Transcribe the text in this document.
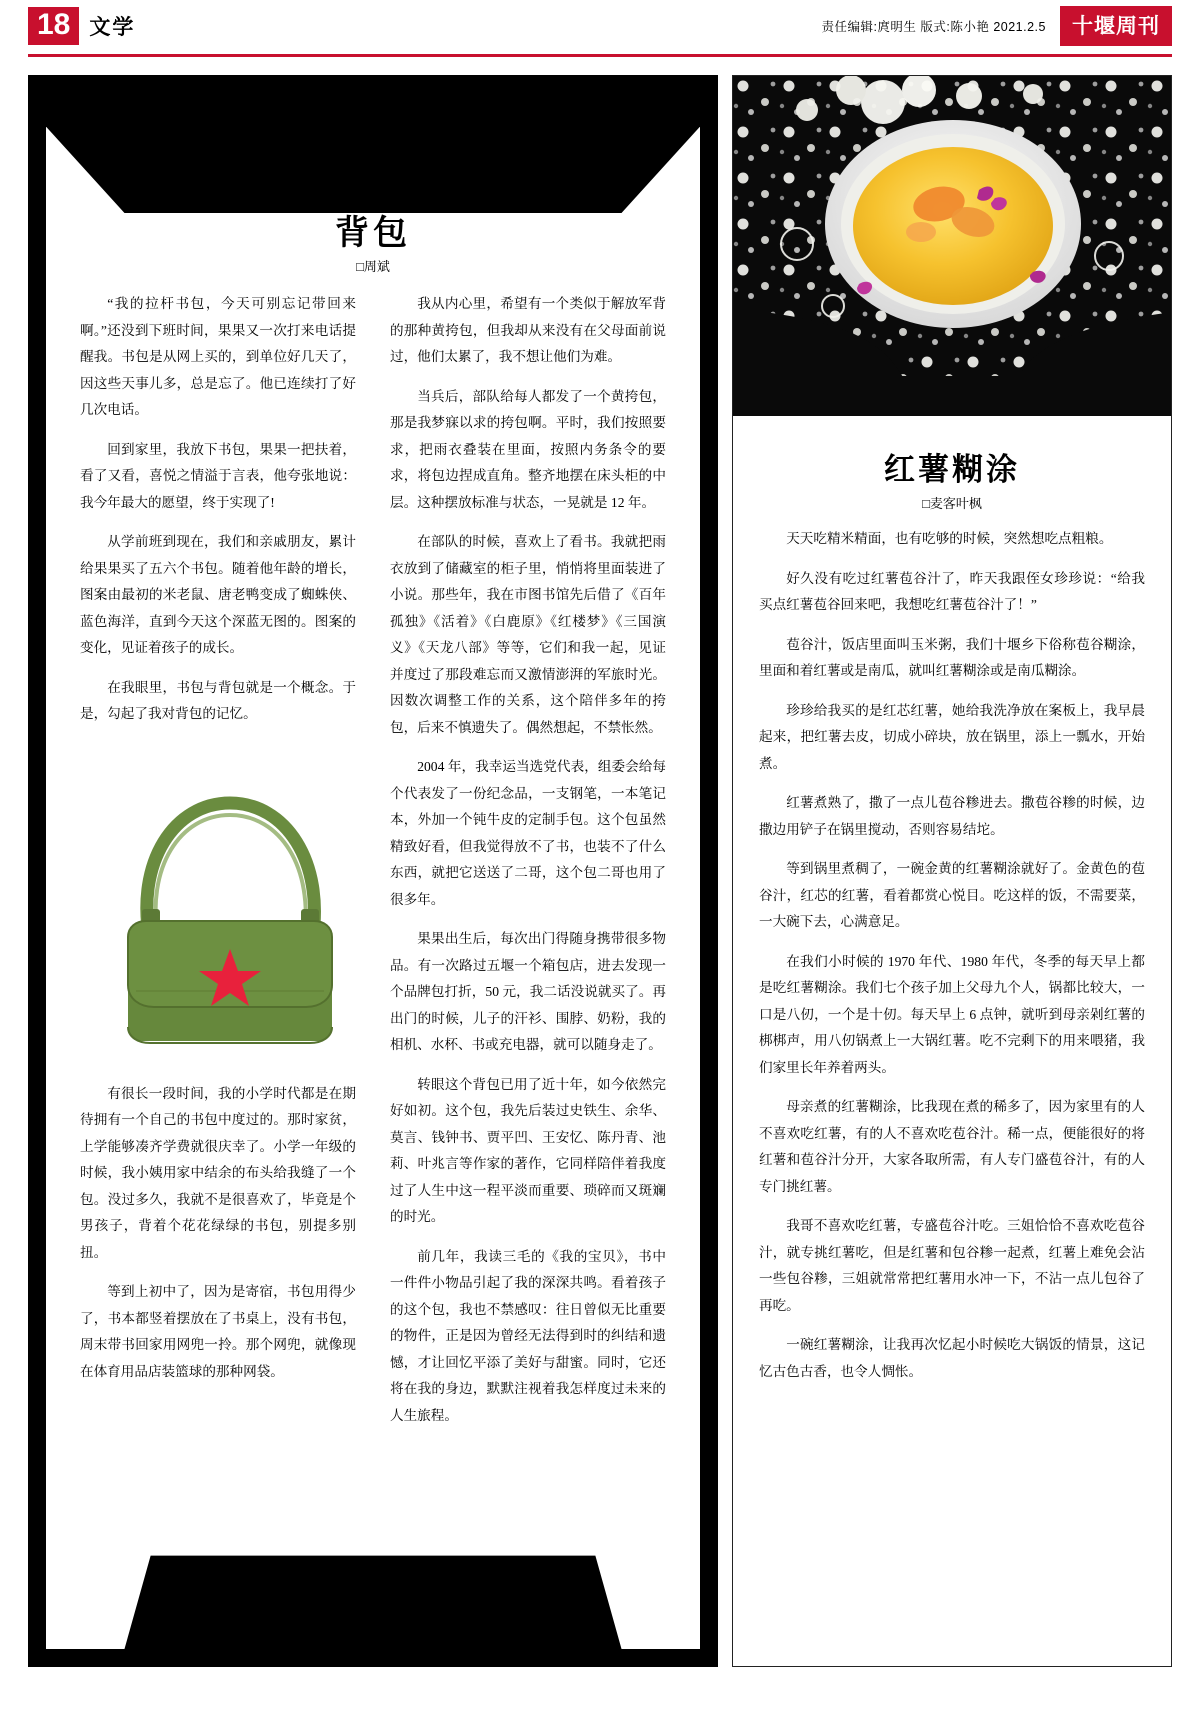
18 文学	责任编辑:庹明生 版式:陈小艳 2021.2.5	十堰周刊
背包
□周斌

“我的拉杆书包，今天可别忘记带回来啊。”还没到下班时间，果果又一次打来电话提醒我。书包是从网上买的，到单位好几天了，因这些天事儿多，总是忘了。他已连续打了好几次电话。

回到家里，我放下书包，果果一把扶着，看了又看，喜悦之情溢于言表，他夸张地说：我今年最大的愿望，终于实现了!

从学前班到现在，我们和亲戚朋友，累计给果果买了五六个书包。随着他年龄的增长，图案由最初的米老鼠、唐老鸭变成了蜘蛛侠、蓝色海洋，直到今天这个深蓝无图的。图案的变化，见证着孩子的成长。

在我眼里，书包与背包就是一个概念。于是，勾起了我对背包的记忆。

有很长一段时间，我的小学时代都是在期待拥有一个自己的书包中度过的。那时家贫，上学能够凑齐学费就很庆幸了。小学一年级的时候，我小姨用家中结余的布头给我缝了一个包。没过多久，我就不是很喜欢了，毕竟是个男孩子，背着个花花绿绿的书包，别提多别扭。

等到上初中了，因为是寄宿，书包用得少了，书本都竖着摆放在了书桌上，没有书包，周末带书回家用网兜一拎。那个网兜，就像现在体育用品店装篮球的那种网袋。

我从内心里，希望有一个类似于解放军背的那种黄挎包，但我却从来没有在父母面前说过，他们太累了，我不想让他们为难。

当兵后，部队给每人都发了一个黄挎包，那是我梦寐以求的挎包啊。平时，我们按照要求，把雨衣叠装在里面，按照内务条令的要求，将包边捏成直角。整齐地摆在床头柜的中层。这种摆放标准与状态，一晃就是 12 年。

在部队的时候，喜欢上了看书。我就把雨衣放到了储藏室的柜子里，悄悄将里面装进了小说。那些年，我在市图书馆先后借了《百年孤独》《活着》《白鹿原》《红楼梦》《三国演义》《天龙八部》等等，它们和我一起，见证并度过了那段难忘而又激情澎湃的军旅时光。因数次调整工作的关系，这个陪伴多年的挎包，后来不慎遗失了。偶然想起，不禁怅然。

2004 年，我幸运当选党代表，组委会给每个代表发了一份纪念品，一支钢笔，一本笔记本，外加一个钝牛皮的定制手包。这个包虽然精致好看，但我觉得放不了书，也装不了什么东西，就把它送送了二哥，这个包二哥也用了很多年。

果果出生后，每次出门得随身携带很多物品。有一次路过五堰一个箱包店，进去发现一个品牌包打折，50 元，我二话没说就买了。再出门的时候，儿子的汗衫、围脖、奶粉，我的相机、水杯、书或充电器，就可以随身走了。

转眼这个背包已用了近十年，如今依然完好如初。这个包，我先后装过史铁生、余华、莫言、钱钟书、贾平凹、王安忆、陈丹青、池莉、叶兆言等作家的著作，它同样陪伴着我度过了人生中这一程平淡而重要、琐碎而又斑斓的时光。

前几年，我读三毛的《我的宝贝》，书中一件件小物品引起了我的深深共鸣。看着孩子的这个包，我也不禁感叹：往日曾似无比重要的物件，正是因为曾经无法得到时的纠结和遗憾，才让回忆平添了美好与甜蜜。同时，它还将在我的身边，默默注视着我怎样度过未来的人生旅程。

红薯糊涂
□麦客叶枫

天天吃精米精面，也有吃够的时候，突然想吃点粗粮。

好久没有吃过红薯苞谷汁了，昨天我跟侄女珍珍说：“给我买点红薯苞谷回来吧，我想吃红薯苞谷汁了！”

苞谷汁，饭店里面叫玉米粥，我们十堰乡下俗称苞谷糊涂，里面和着红薯或是南瓜，就叫红薯糊涂或是南瓜糊涂。

珍珍给我买的是红芯红薯，她给我洗净放在案板上，我早晨起来，把红薯去皮，切成小碎块，放在锅里，添上一瓢水，开始煮。

红薯煮熟了，撒了一点儿苞谷糁进去。撒苞谷糁的时候，边撒边用铲子在锅里搅动，否则容易结坨。

等到锅里煮稠了，一碗金黄的红薯糊涂就好了。金黄色的苞谷汁，红芯的红薯，看着都赏心悦目。吃这样的饭，不需要菜，一大碗下去，心满意足。

在我们小时候的 1970 年代、1980 年代，冬季的每天早上都是吃红薯糊涂。我们七个孩子加上父母九个人，锅都比较大，一口是八仞，一个是十仞。每天早上 6 点钟，就听到母亲剁红薯的梆梆声，用八仞锅煮上一大锅红薯。吃不完剩下的用来喂猪，我们家里长年养着两头。

母亲煮的红薯糊涂，比我现在煮的稀多了，因为家里有的人不喜欢吃红薯，有的人不喜欢吃苞谷汁。稀一点，便能很好的将红薯和苞谷汁分开，大家各取所需，有人专门盛苞谷汁，有的人专门挑红薯。

我哥不喜欢吃红薯，专盛苞谷汁吃。三姐恰恰不喜欢吃苞谷汁，就专挑红薯吃，但是红薯和包谷糁一起煮，红薯上难免会沾一些包谷糁，三姐就常常把红薯用水冲一下，不沾一点儿包谷了再吃。

一碗红薯糊涂，让我再次忆起小时候吃大锅饭的情景，这记忆古色古香，也令人惆怅。
